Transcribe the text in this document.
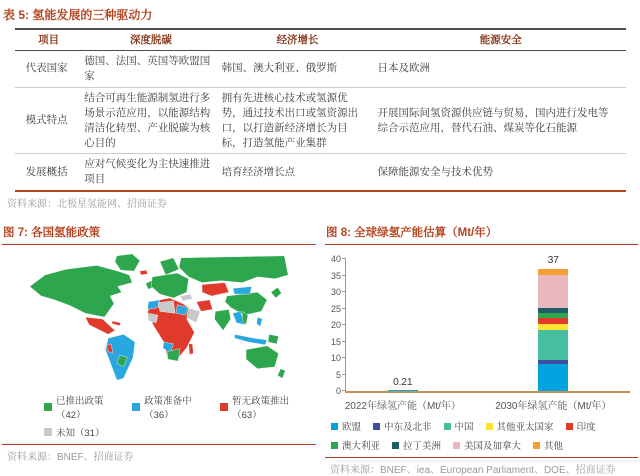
表 5: 氢能发展的三种驱动力
项目	深度脱碳	经济增长	能源安全
代表国家	德国、法国、英国等欧盟国家	韩国、澳大利亚、俄罗斯	日本及欧洲
模式特点	结合可再生能源制氢进行多场景示范应用，以能源结构清洁化转型、产业脱碳为核心目的	拥有先进核心技术或氢源优势，通过技术出口或氢资源出口，以打造新经济增长为目标，打造氢能产业集群	开展国际间氢资源供应链与贸易，国内进行发电等综合示范应用，替代石油、煤炭等化石能源
发展概括	应对气候变化为主快速推进项目	培育经济增长点	保障能源安全与技术优势
资料来源：北极星氢能网、招商证券
图 7: 各国氢能政策
已推出政策（42）
政策准备中（36）
暂无政策推出（63）
未知（31）
资料来源：BNEF、招商证券
图 8: 全球绿氢产能估算（Mt/年）
0
5
10
15
20
25
30
35
40
0.21
2022年绿氢产能（Mt/年）
37
2030年绿氢产能（Mt/年）
欧盟 中东及北非 中国 其他亚太国家 印度
澳大利亚 拉丁美洲 美国及加拿大 其他
资料来源：BNEF、iea、European Parliament、DOE、招商证券
